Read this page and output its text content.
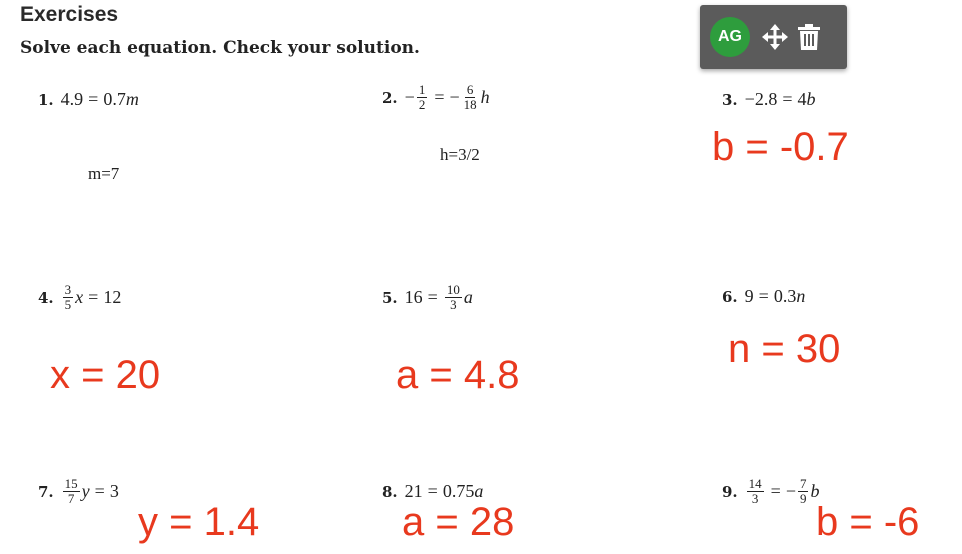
Exercises
Solve each equation. Check your solution.
AG
1. 4.9 = 0.7 m	2. − $\frac{1}{2}$ = − $\frac{6}{18}$ h	3. −2.8 = 4 b
m=7
h=3/2	b = -0.7
4. $\frac{3}{5}$ x = 12	5. $16 = \frac{10}{3}$ a	6. 9 = 0.3 n
x = 20	a = 4.8
n = 30
7. $\frac{15}{7}$ y = 3	8. 21 = 0.75 a	9. $\frac{14}{3}$ = − $\frac{7}{9}$ b
y = 1.4	a = 28	b = -6
